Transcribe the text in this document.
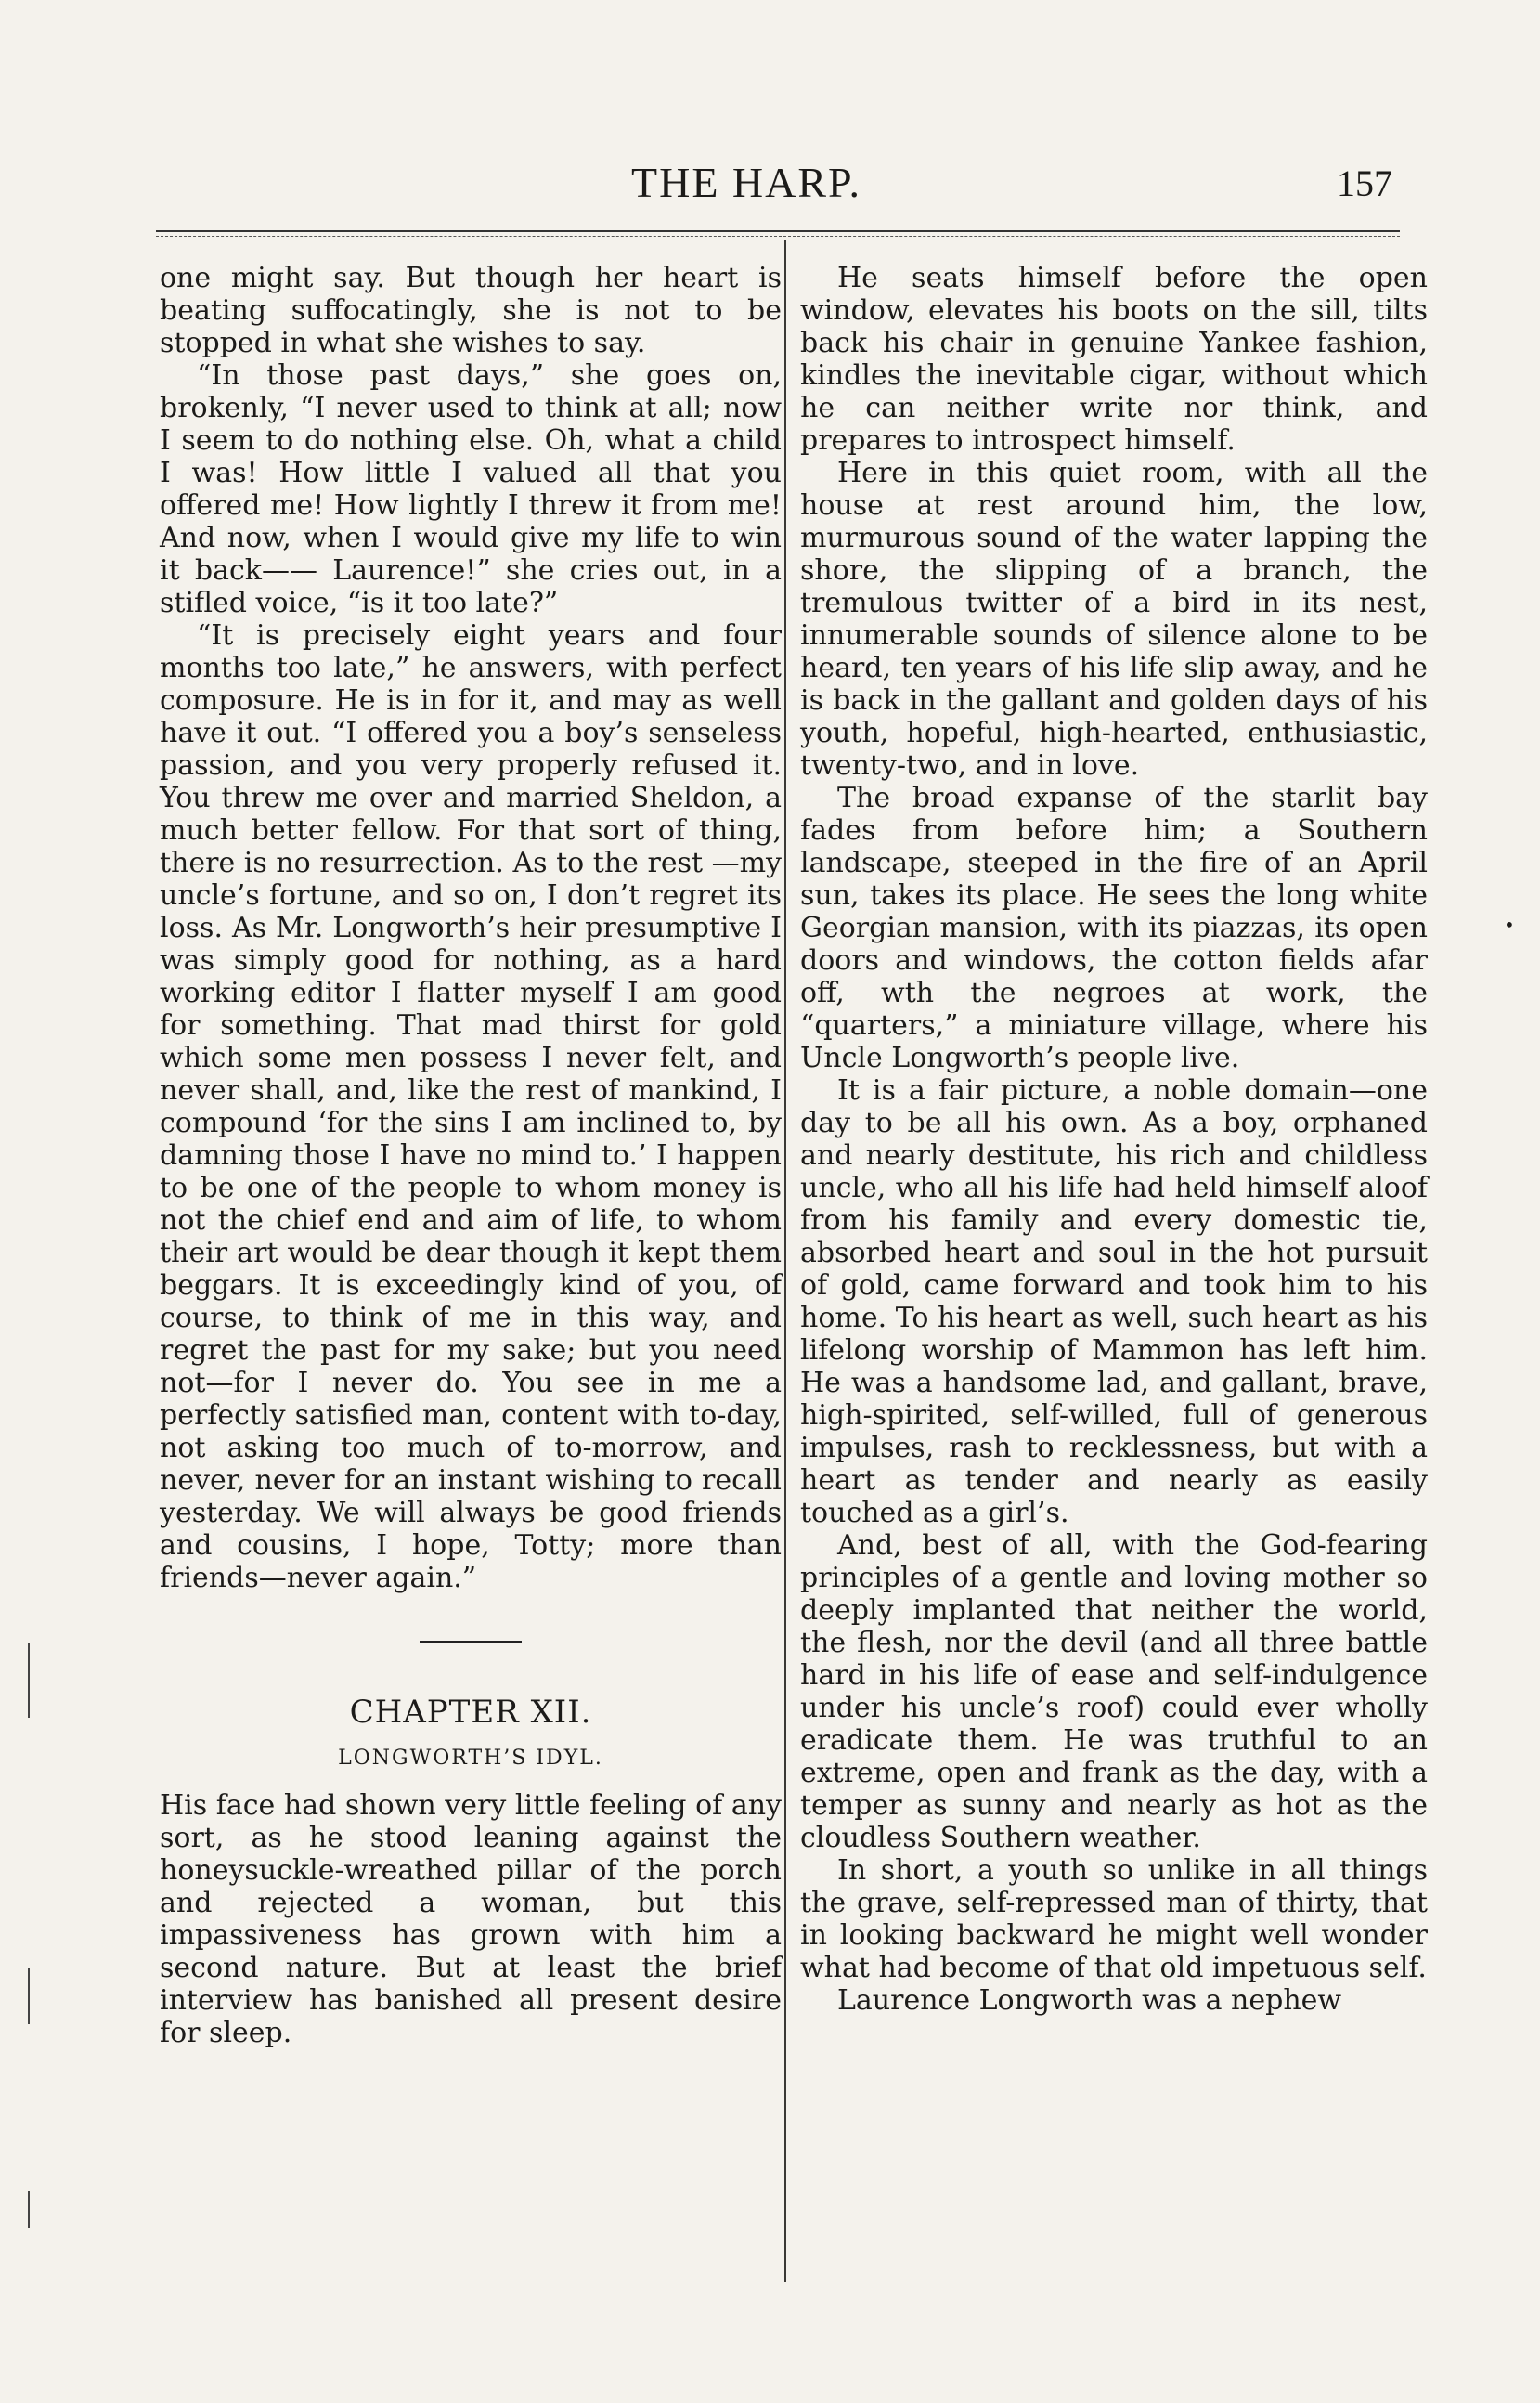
THE HARP.	157

one might say. But though her heart is beating suffocatingly, she is not to be stopped in what she wishes to say.

“In those past days,” she goes on, brokenly, “I never used to think at all; now I seem to do nothing else. Oh, what a child I was! How little I valued all that you offered me! How lightly I threw it from me! And now, when I would give my life to win it back—— Laurence!” she cries out, in a stifled voice, “is it too late?”

“It is precisely eight years and four months too late,” he answers, with perfect composure. He is in for it, and may as well have it out. “I offered you a boy’s senseless passion, and you very properly refused it. You threw me over and married Sheldon, a much better fellow. For that sort of thing, there is no resurrection. As to the rest —my uncle’s fortune, and so on, I don’t regret its loss. As Mr. Longworth’s heir presumptive I was simply good for nothing, as a hard working editor I flatter myself I am good for something. That mad thirst for gold which some men possess I never felt, and never shall, and, like the rest of mankind, I compound ‘for the sins I am inclined to, by damning those I have no mind to.’ I happen to be one of the people to whom money is not the chief end and aim of life, to whom their art would be dear though it kept them beggars. It is exceedingly kind of you, of course, to think of me in this way, and regret the past for my sake; but you need not—for I never do. You see in me a perfectly satisfied man, content with to-day, not asking too much of to-morrow, and never, never for an instant wishing to recall yesterday. We will always be good friends and cousins, I hope, Totty; more than friends—never again.”

CHAPTER XII.
LONGWORTH’S IDYL.

His face had shown very little feeling of any sort, as he stood leaning against the honeysuckle-wreathed pillar of the porch and rejected a woman, but this impassiveness has grown with him a second nature. But at least the brief interview has banished all present desire for sleep.

He seats himself before the open window, elevates his boots on the sill, tilts back his chair in genuine Yankee fashion, kindles the inevitable cigar, without which he can neither write nor think, and prepares to introspect himself.

Here in this quiet room, with all the house at rest around him, the low, murmurous sound of the water lapping the shore, the slipping of a branch, the tremulous twitter of a bird in its nest, innumerable sounds of silence alone to be heard, ten years of his life slip away, and he is back in the gallant and golden days of his youth, hopeful, high-hearted, enthusiastic, twenty-two, and in love.

The broad expanse of the starlit bay fades from before him; a Southern landscape, steeped in the fire of an April sun, takes its place. He sees the long white Georgian mansion, with its piazzas, its open doors and windows, the cotton fields afar off, wth the negroes at work, the “quarters,” a miniature village, where his Uncle Longworth’s people live.

It is a fair picture, a noble domain—one day to be all his own. As a boy, orphaned and nearly destitute, his rich and childless uncle, who all his life had held himself aloof from his family and every domestic tie, absorbed heart and soul in the hot pursuit of gold, came forward and took him to his home. To his heart as well, such heart as his lifelong worship of Mammon has left him. He was a handsome lad, and gallant, brave, high-spirited, self-willed, full of generous impulses, rash to recklessness, but with a heart as tender and nearly as easily touched as a girl’s.

And, best of all, with the God-fearing principles of a gentle and loving mother so deeply implanted that neither the world, the flesh, nor the devil (and all three battle hard in his life of ease and self-indulgence under his uncle’s roof) could ever wholly eradicate them. He was truthful to an extreme, open and frank as the day, with a temper as sunny and nearly as hot as the cloudless Southern weather.

In short, a youth so unlike in all things the grave, self-repressed man of thirty, that in looking backward he might well wonder what had become of that old impetuous self.

Laurence Longworth was a nephew

•
